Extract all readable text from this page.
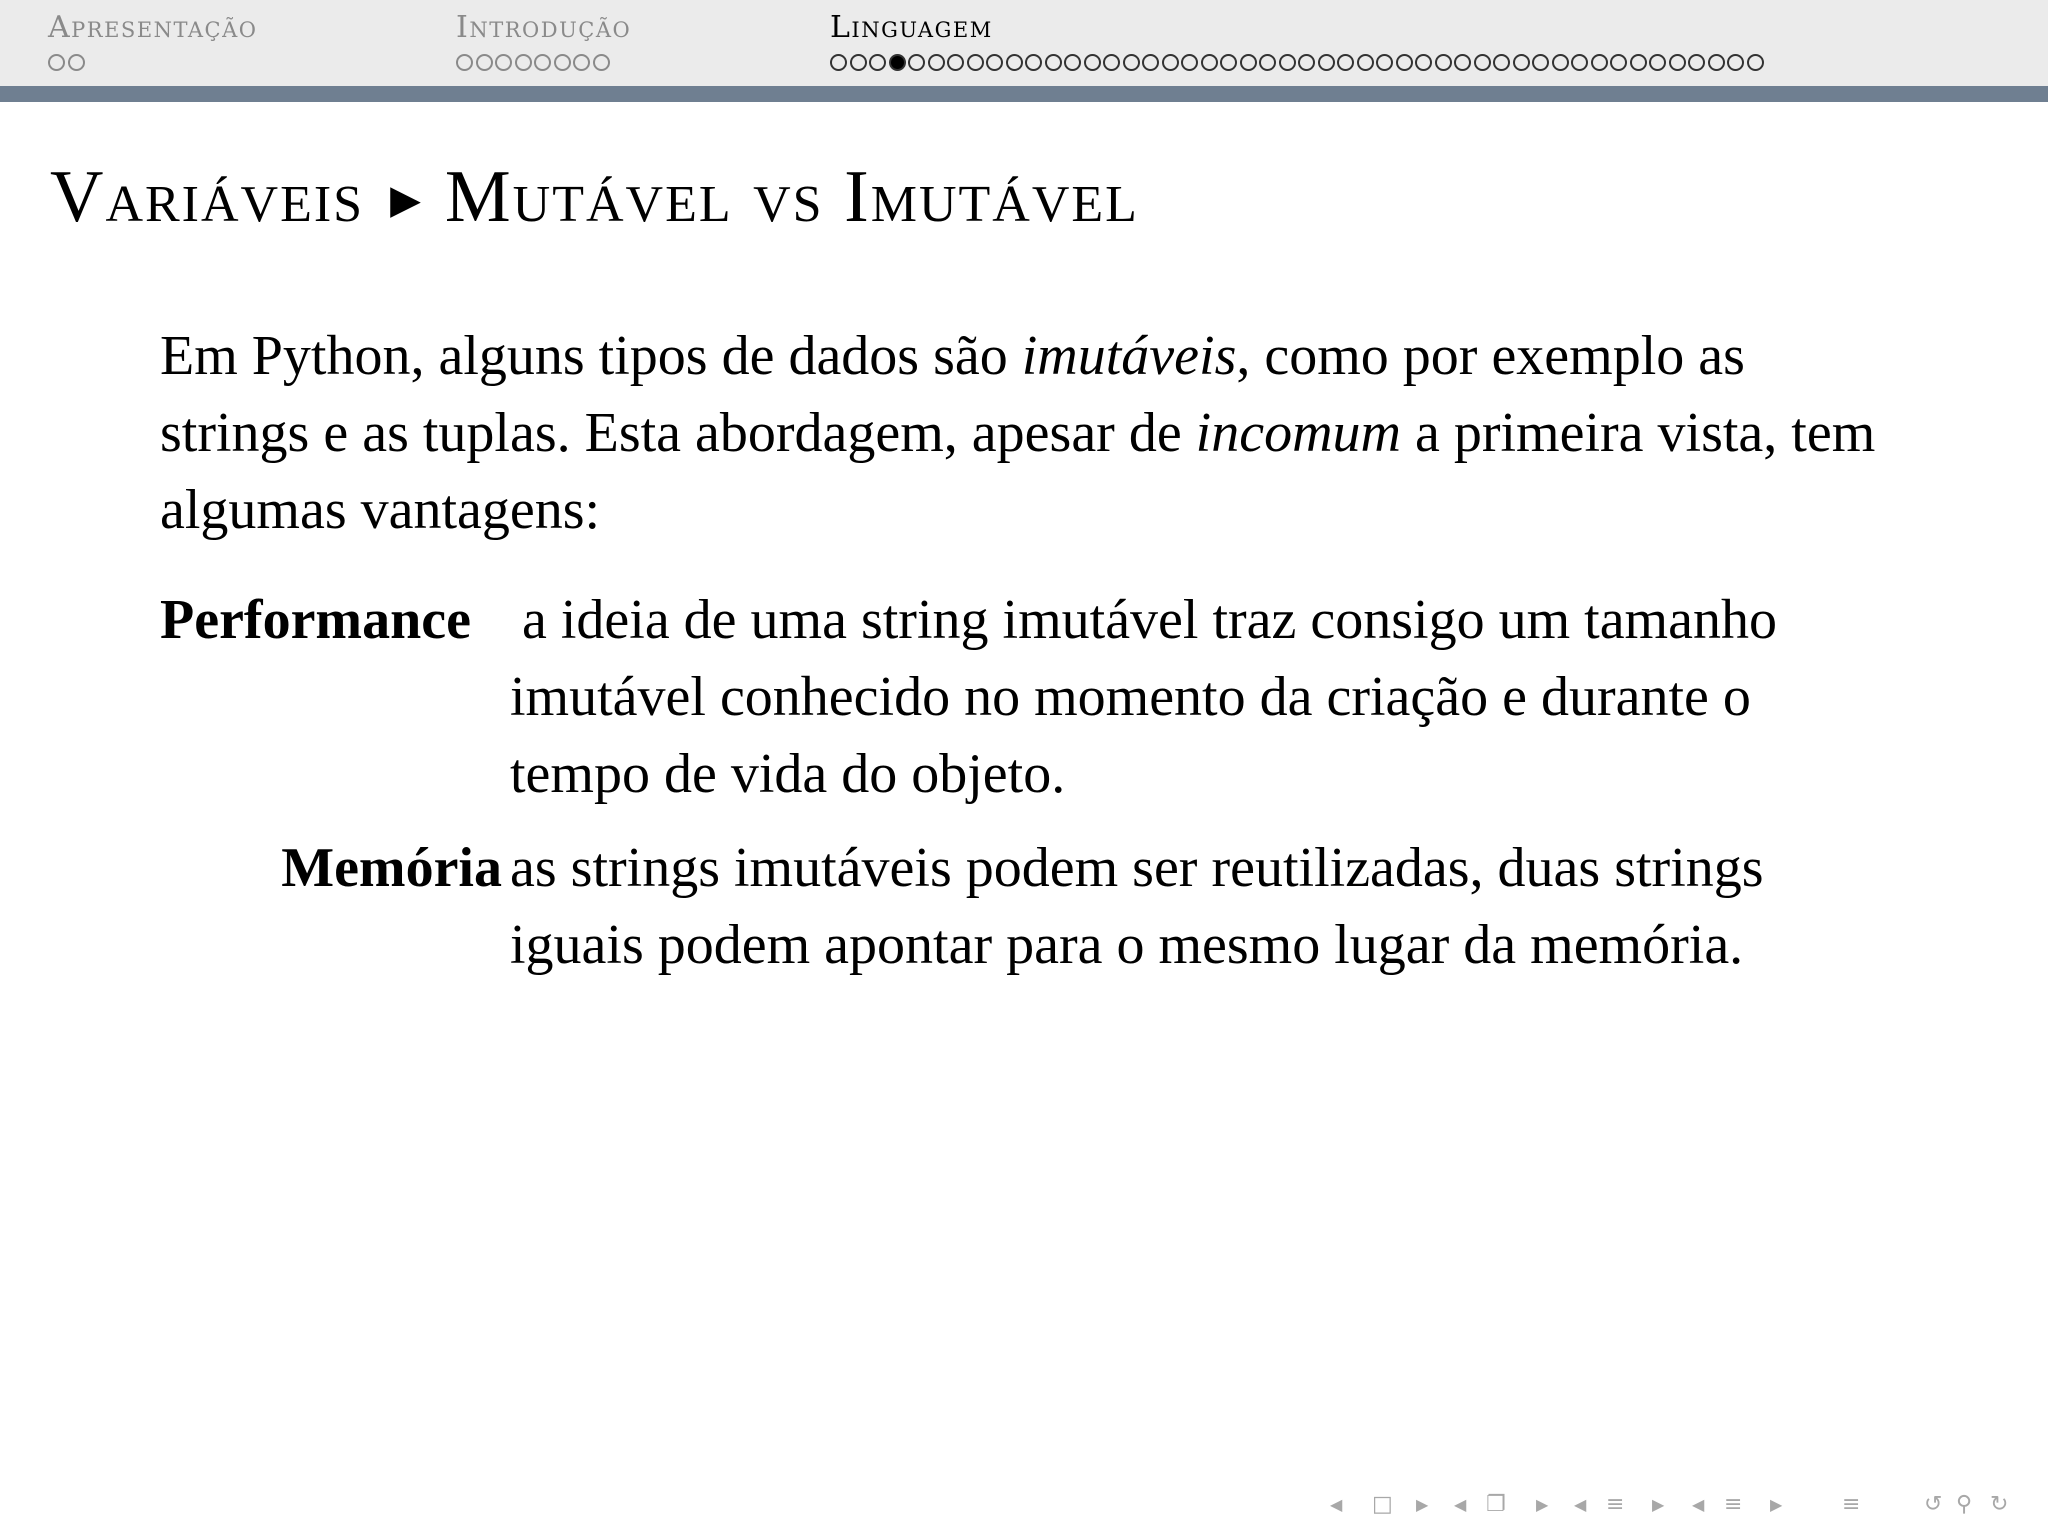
Apresentação	Introdução	Linguagem
Variáveis ▶ Mutável vs Imutável

Em Python, alguns tipos de dados são imutáveis, como por exemplo as strings e as tuplas. Esta abordagem, apesar de incomum a primeira vista, tem algumas vantagens:

Performance a ideia de uma string imutável traz consigo um tamanho imutável conhecido no momento da criação e durante o tempo de vida do objeto.
Memória as strings imutáveis podem ser reutilizadas, duas strings iguais podem apontar para o mesmo lugar da memória.
◀ □ ▶ ◀ ❐ ▶ ◀ ≡ ▶ ◀ ≡ ▶	≡	↺ ⚲ ↻
